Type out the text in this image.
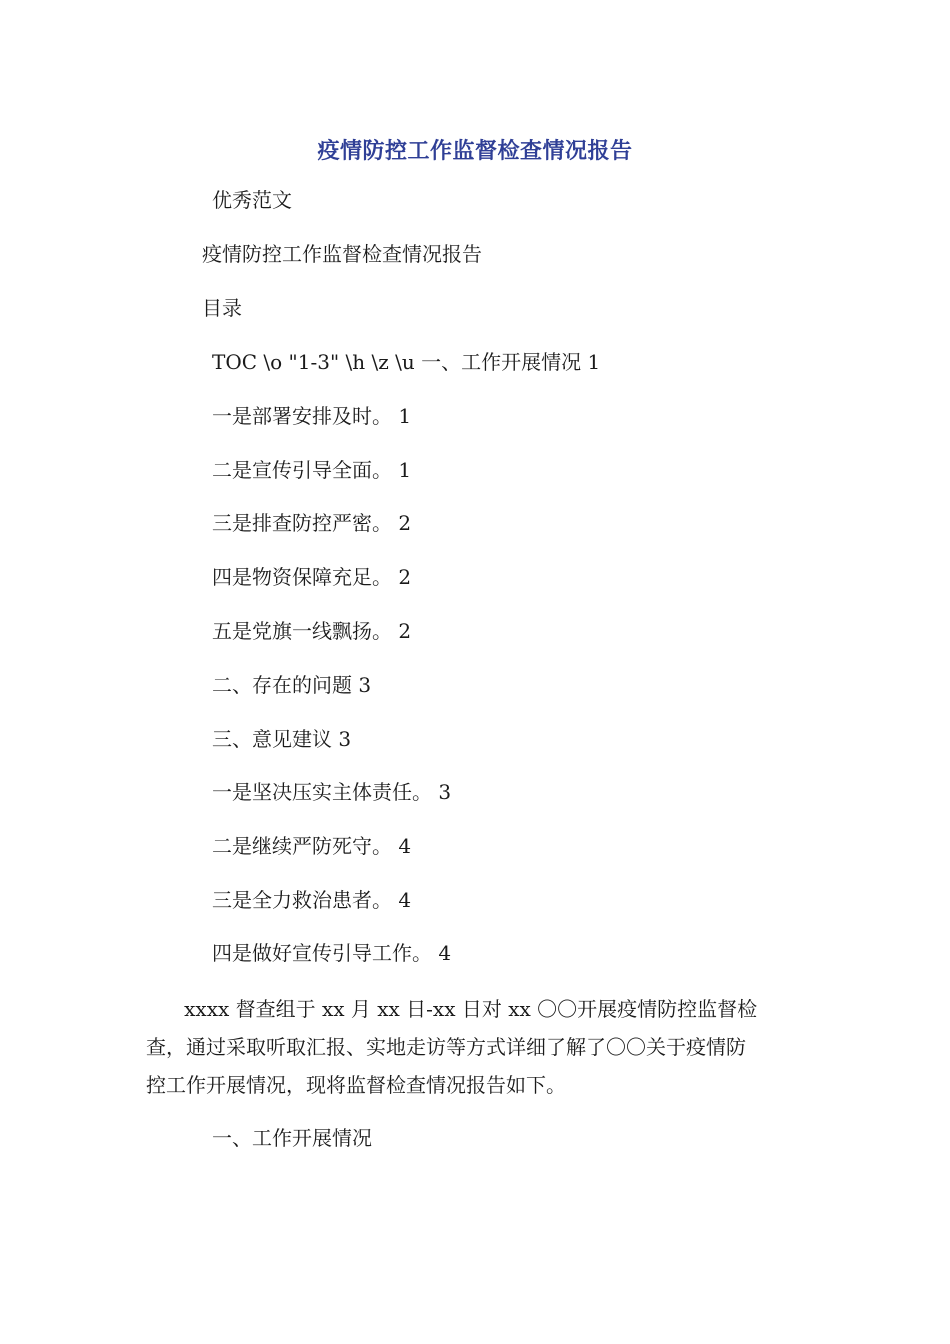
疫情防控工作监督检查情况报告
优秀范文
疫情防控工作监督检查情况报告
目录
TOC \o "1-3" \h \z \u 一、工作开展情况 1
一是部署安排及时。 1
二是宣传引导全面。 1
三是排查防控严密。 2
四是物资保障充足。 2
五是党旗一线飘扬。 2
二、存在的问题 3
三、意见建议 3
一是坚决压实主体责任。 3
二是继续严防死守。 4
三是全力救治患者。 4
四是做好宣传引导工作。 4
xxxx 督查组于 xx 月 xx 日-xx 日对 xx 〇〇开展疫情防控监督检
查，通过采取听取汇报、实地走访等方式详细了解了〇〇关于疫情防
控工作开展情况，现将监督检查情况报告如下。
一、工作开展情况
